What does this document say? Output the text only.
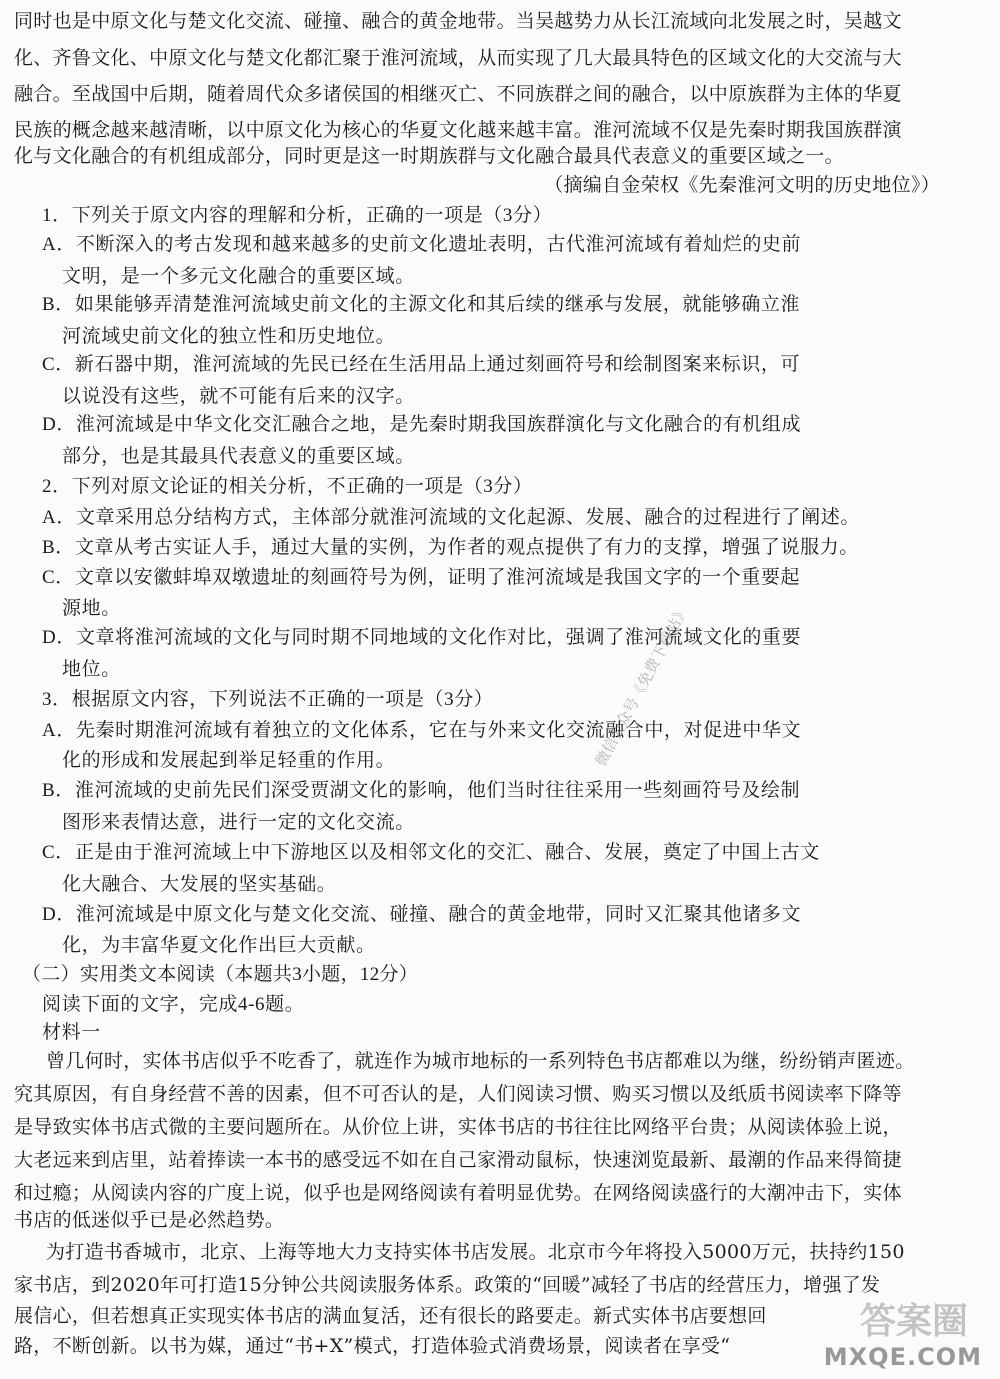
同时也是中原文化与楚文化交流、碰撞、融合的黄金地带。当吴越势力从长江流域向北发展之时，吴越文
化、齐鲁文化、中原文化与楚文化都汇聚于淮河流域，从而实现了几大最具特色的区域文化的大交流与大
融合。至战国中后期，随着周代众多诸侯国的相继灭亡、不同族群之间的融合，以中原族群为主体的华夏
民族的概念越来越清晰，以中原文化为核心的华夏文化越来越丰富。淮河流域不仅是先秦时期我国族群演
化与文化融合的有机组成部分，同时更是这一时期族群与文化融合最具代表意义的重要区域之一。
（摘编自金荣权《先秦淮河文明的历史地位》）
1．下列关于原文内容的理解和分析，正确的一项是（3分）
A．不断深入的考古发现和越来越多的史前文化遗址表明，古代淮河流域有着灿烂的史前
文明，是一个多元文化融合的重要区域。
B．如果能够弄清楚淮河流域史前文化的主源文化和其后续的继承与发展，就能够确立淮
河流域史前文化的独立性和历史地位。
C．新石器中期，淮河流域的先民已经在生活用品上通过刻画符号和绘制图案来标识，可
以说没有这些，就不可能有后来的汉字。
D．淮河流域是中华文化交汇融合之地，是先秦时期我国族群演化与文化融合的有机组成
部分，也是其最具代表意义的重要区域。
2．下列对原文论证的相关分析，不正确的一项是（3分）
A．文章采用总分结构方式，主体部分就淮河流域的文化起源、发展、融合的过程进行了阐述。
B．文章从考古实证人手，通过大量的实例，为作者的观点提供了有力的支撑，增强了说服力。
C．文章以安徽蚌埠双墩遗址的刻画符号为例，证明了淮河流域是我国文字的一个重要起
源地。
D．文章将淮河流域的文化与同时期不同地域的文化作对比，强调了淮河流域文化的重要
地位。
3．根据原文内容，下列说法不正确的一项是（3分）
A．先秦时期淮河流域有着独立的文化体系，它在与外来文化交流融合中，对促进中华文
化的形成和发展起到举足轻重的作用。
B．淮河流域的史前先民们深受贾湖文化的影响，他们当时往往采用一些刻画符号及绘制
图形来表情达意，进行一定的文化交流。
C．正是由于淮河流域上中下游地区以及相邻文化的交汇、融合、发展，奠定了中国上古文
化大融合、大发展的坚实基础。
D．淮河流域是中原文化与楚文化交流、碰撞、融合的黄金地带，同时又汇聚其他诸多文
化，为丰富华夏文化作出巨大贡献。
（二）实用类文本阅读（本题共3小题，12分）
阅读下面的文字，完成4-6题。
材料一
曾几何时，实体书店似乎不吃香了，就连作为城市地标的一系列特色书店都难以为继，纷纷销声匿迹。
究其原因，有自身经营不善的因素，但不可否认的是，人们阅读习惯、购买习惯以及纸质书阅读率下降等
是导致实体书店式微的主要问题所在。从价位上讲，实体书店的书往往比网络平台贵；从阅读体验上说，
大老远来到店里，站着捧读一本书的感受远不如在自己家滑动鼠标，快速浏览最新、最潮的作品来得简捷
和过瘾；从阅读内容的广度上说，似乎也是网络阅读有着明显优势。在网络阅读盛行的大潮冲击下，实体
书店的低迷似乎已是必然趋势。
为打造书香城市，北京、上海等地大力支持实体书店发展。北京市今年将投入5000万元，扶持约150
家书店，到2020年可打造15分钟公共阅读服务体系。政策的“回暖”减轻了书店的经营压力，增强了发
展信心，但若想真正实现实体书店的满血复活，还有很长的路要走。新式实体书店要想回
路，不断创新。以书为媒，通过“书+X”模式，打造体验式消费场景，阅读者在享受“
微信公众号《免费下载站》
答案圈
MXQE.COM
